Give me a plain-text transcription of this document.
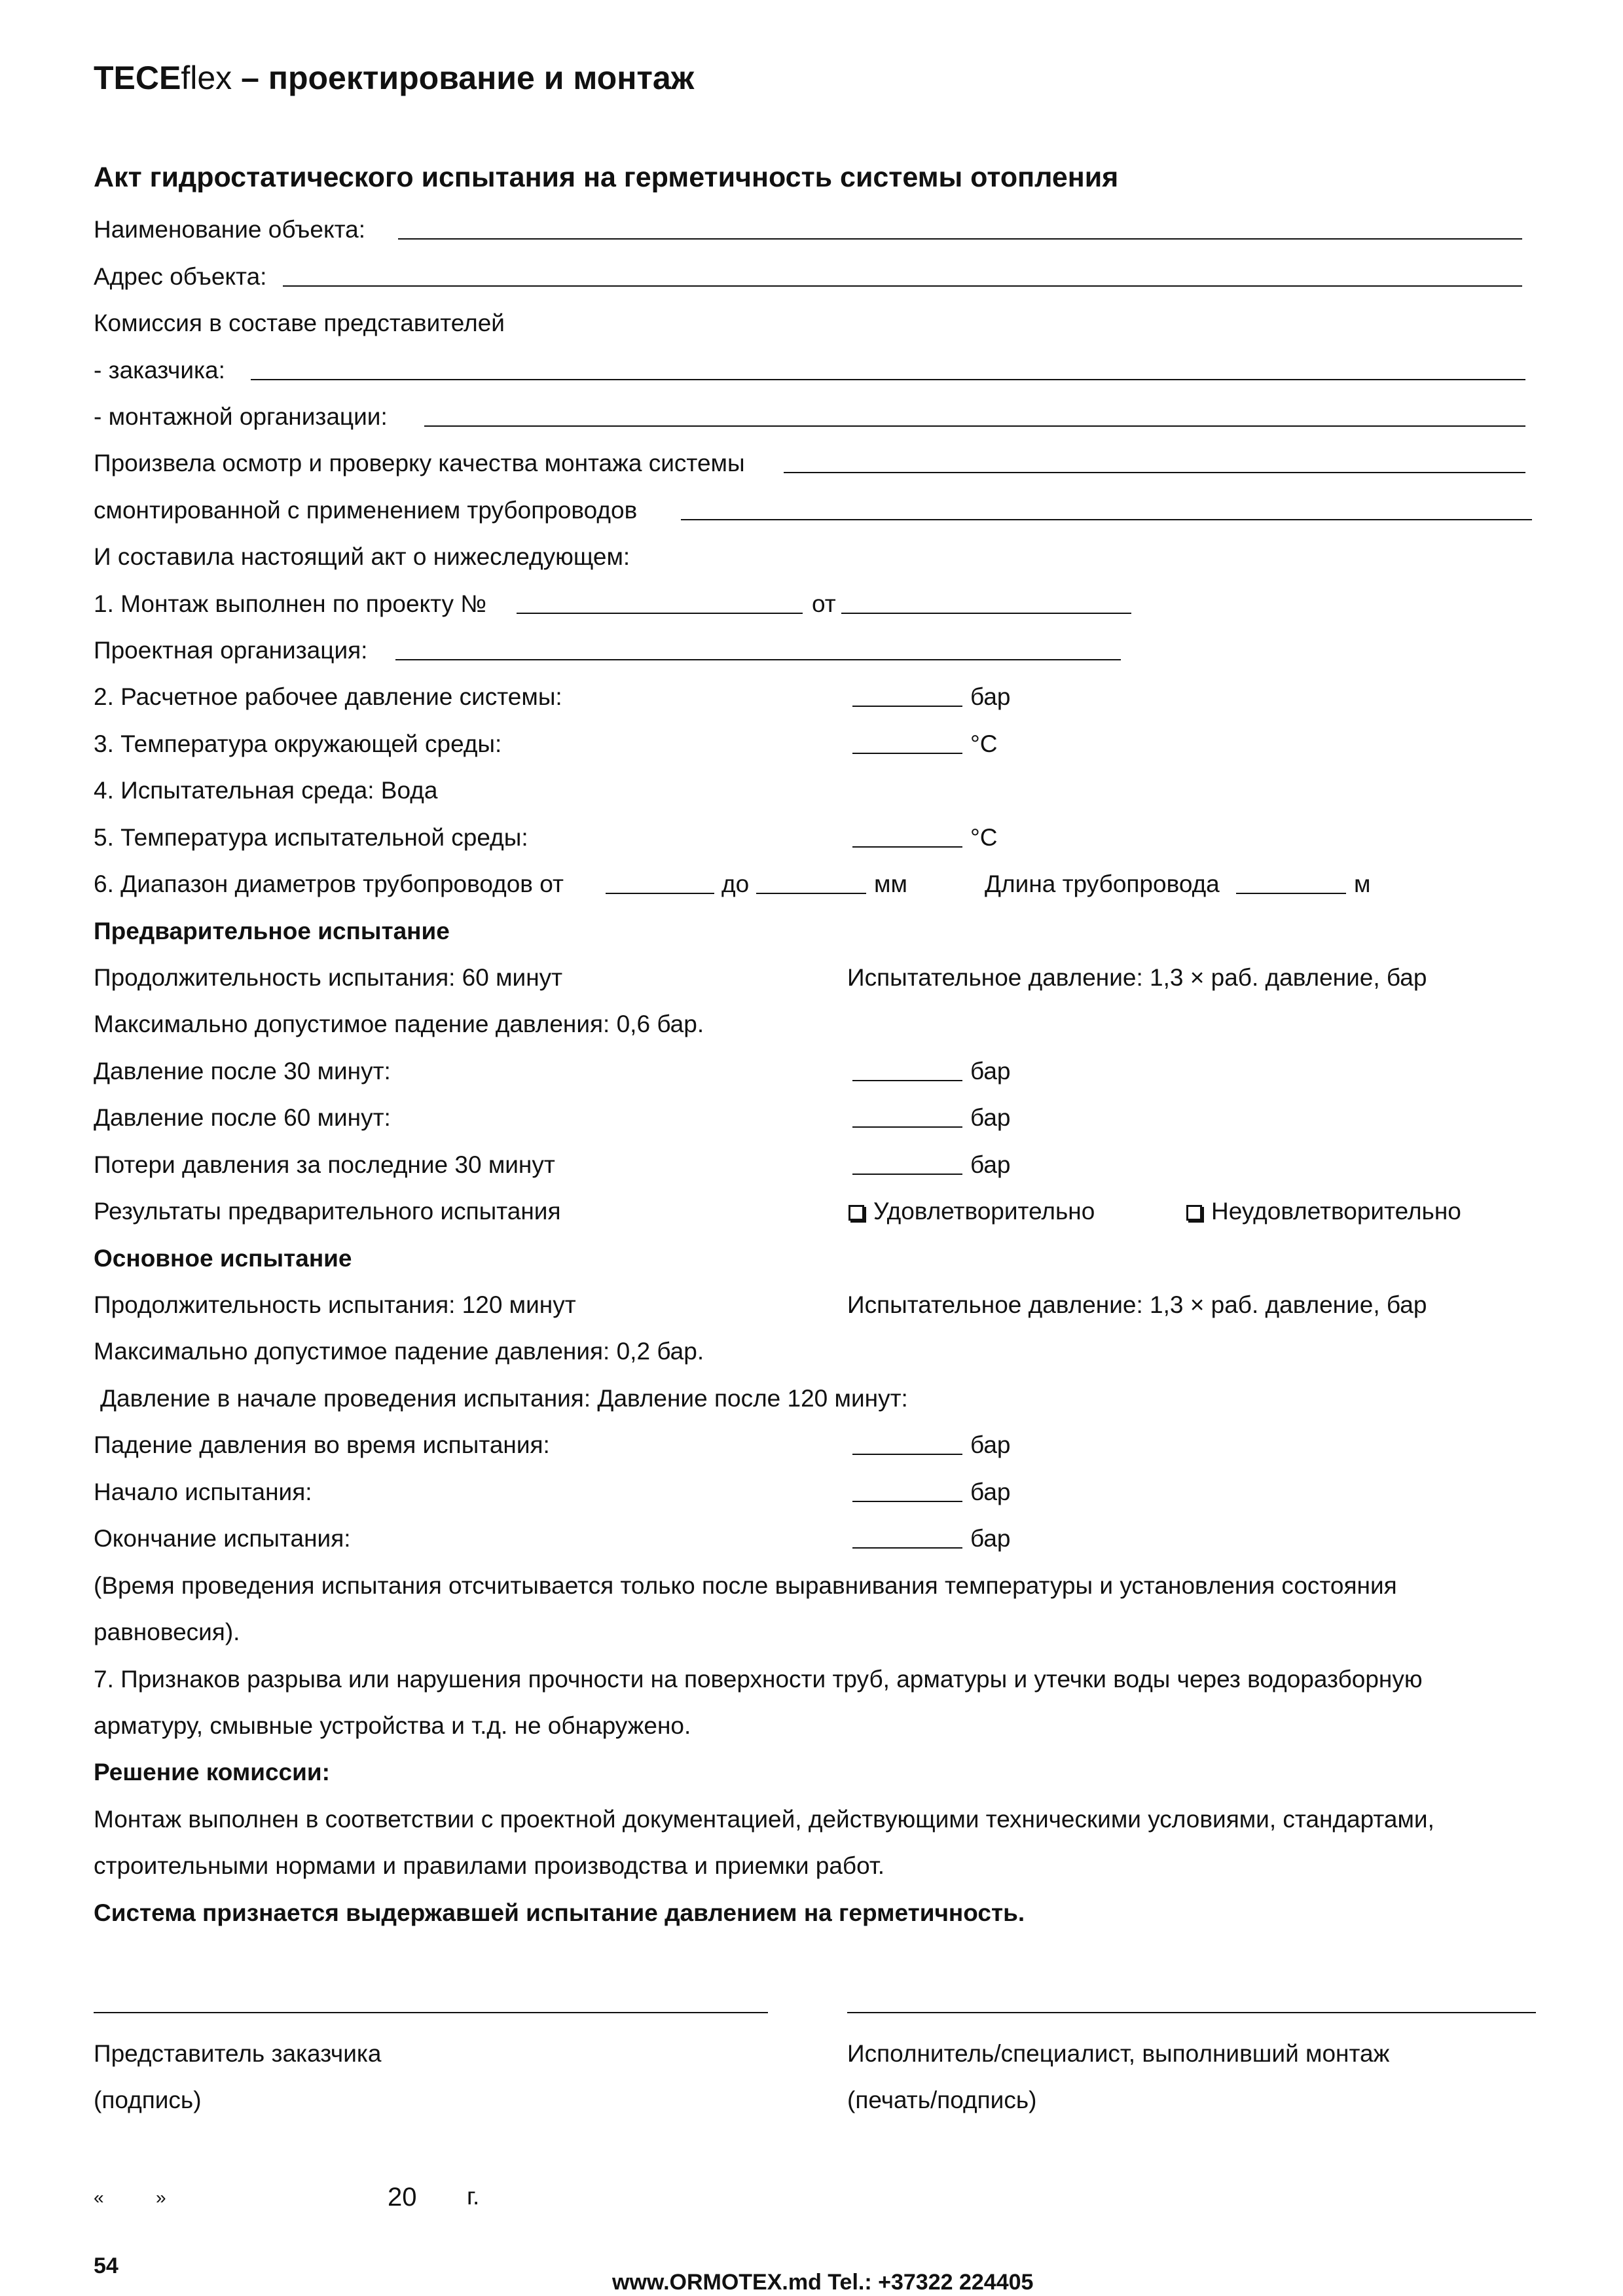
TECEflex – проектирование и монтаж
Акт гидростатического испытания на герметичность системы отопления
Наименование объекта:
Адрес объекта:
Комиссия в составе представителей
- заказчика:
- монтажной организации:
Произвела осмотр и проверку качества монтажа системы
смонтированной с применением трубопроводов
И составила настоящий акт о нижеследующем:
1. Монтаж выполнен по проекту №	от
Проектная организация:
2. Расчетное рабочее давление системы:	бар
3. Температура окружающей среды:	°С
4. Испытательная среда: Вода
5. Температура испытательной среды:	°С
6. Диапазон диаметров трубопроводов от	до	мм	Длина трубопровода	м
Предварительное испытание
Продолжительность испытания: 60 минут	Испытательное давление: 1,3 × раб. давление, бар
Максимально допустимое падение давления: 0,6 бар.
Давление после 30 минут:	бар
Давление после 60 минут:	бар
Потери давления за последние 30 минут	бар
Результаты предварительного испытания	Удовлетворительно	Неудовлетворительно
Основное испытание
Продолжительность испытания: 120 минут	Испытательное давление: 1,3 × раб. давление, бар
Максимально допустимое падение давления: 0,2 бар.
Давление в начале проведения испытания: Давление после 120 минут:
Падение давления во время испытания:	бар
Начало испытания:	бар
Окончание испытания:	бар
(Время проведения испытания отсчитывается только после выравнивания температуры и установления состояния
равновесия).
7. Признаков разрыва или нарушения прочности на поверхности труб, арматуры и утечки воды через водоразборную
арматуру, смывные устройства и т.д. не обнаружено.
Решение комиссии:
Монтаж выполнен в соответствии с проектной документацией, действующими техническими условиями, стандартами,
строительными нормами и правилами производства и приемки работ.
Система признается выдержавшей испытание давлением на герметичность.
Представитель заказчика	Исполнитель/специалист, выполнивший монтаж
(подпись)	(печать/подпись)
«	»	20 г.
54
www.ORMOTEX.md Tel.: +37322 224405
